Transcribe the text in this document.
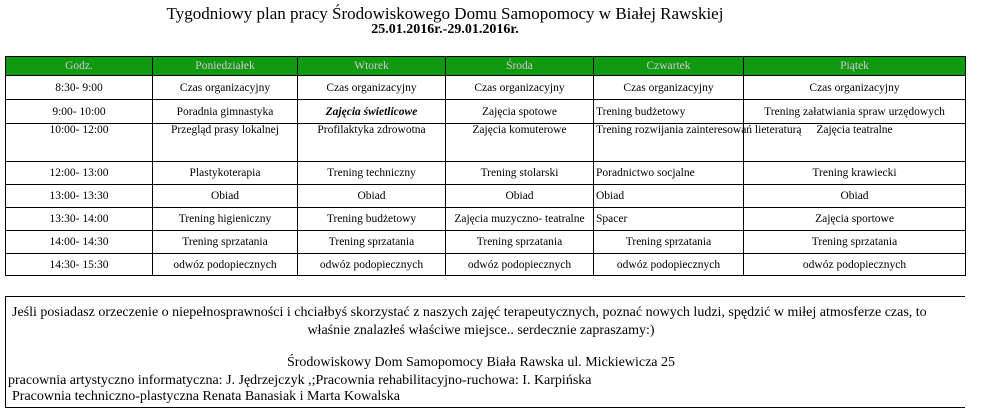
Tygodniowy plan pracy Środowiskowego Domu Samopomocy w Białej Rawskiej
25.01.2016r.-29.01.2016r.
Godz.	Poniedziałek	Wtorek	Środa	Czwartek	Piątek
8:30- 9:00	Czas organizacyjny	Czas organizacyjny	Czas organizacyjny	Czas organizacyjny	Czas organizacyjny
9:00- 10:00	Poradnia gimnastyka	Zajęcia świetlicowe	Zajęcia spotowe	Trening budżetowy	Trening załatwiania spraw urzędowych
10:00- 12:00	Przegląd prasy lokalnej	Profilaktyka zdrowotna	Zajęcia komuterowe	Trening rozwijania zainteresowań lieteraturą	Zajęcia teatralne
12:00- 13:00	Plastykoterapia	Trening techniczny	Trening stolarski	Poradnictwo socjalne	Trening krawiecki
13:00- 13:30	Obiad	Obiad	Obiad	Obiad	Obiad
13:30- 14:00	Trening higieniczny	Trening budżetowy	Zajęcia muzyczno- teatralne	Spacer	Zajęcia sportowe
14:00- 14:30	Trening sprzatania	Trening sprzatania	Trening sprzatania	Trening sprzatania	Trening sprzatania
14:30- 15:30	odwóz podopiecznych	odwóz podopiecznych	odwóz podopiecznych	odwóz podopiecznych	odwóz podopiecznych
Jeśli posiadasz orzeczenie o niepełnosprawności i chciałbyś skorzystać z naszych zajęć terapeutycznych, poznać nowych ludzi, spędzić w miłej atmosferze czas, to
właśnie znalazłeś właściwe miejsce.. serdecznie zapraszamy:)
Środowiskowy Dom Samopomocy Biała Rawska ul. Mickiewicza 25
pracownia artystyczno informatyczna: J. Jędrzejczyk ,;Pracownia rehabilitacyjno-ruchowa: I. Karpińska
Pracownia techniczno-plastyczna Renata Banasiak i Marta Kowalska
